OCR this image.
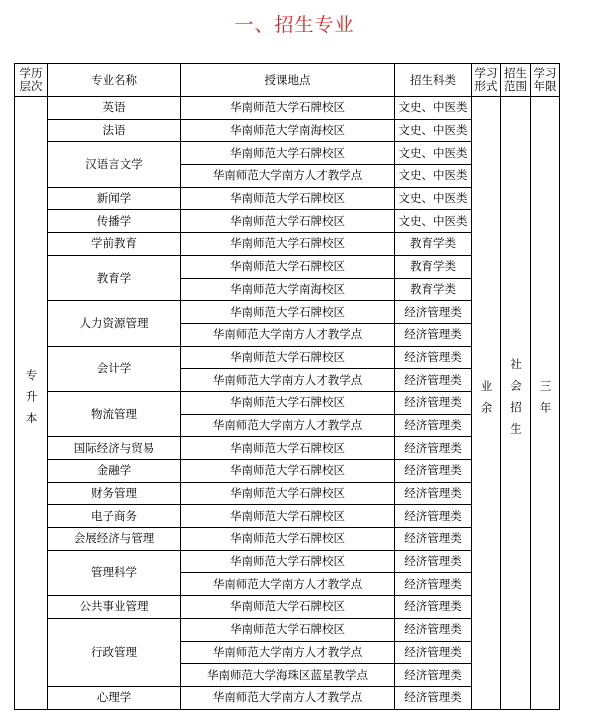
一、招生专业
学历层次	专业名称	授课地点	招生科类	学习形式	招生范围	学习年限
专升本	英语	华南师范大学石牌校区	文史、中医类	业余	社会招生	三年
	法语	华南师范大学南海校区	文史、中医类			
	汉语言文学	华南师范大学石牌校区	文史、中医类			
		华南师范大学南方人才教学点	文史、中医类			
	新闻学	华南师范大学石牌校区	文史、中医类			
	传播学	华南师范大学石牌校区	文史、中医类			
	学前教育	华南师范大学石牌校区	教育学类			
	教育学	华南师范大学石牌校区	教育学类			
		华南师范大学南海校区	教育学类			
	人力资源管理	华南师范大学石牌校区	经济管理类			
		华南师范大学南方人才教学点	经济管理类			
	会计学	华南师范大学石牌校区	经济管理类			
		华南师范大学南方人才教学点	经济管理类			
	物流管理	华南师范大学石牌校区	经济管理类			
		华南师范大学南方人才教学点	经济管理类			
	国际经济与贸易	华南师范大学石牌校区	经济管理类			
	金融学	华南师范大学石牌校区	经济管理类			
	财务管理	华南师范大学石牌校区	经济管理类			
	电子商务	华南师范大学石牌校区	经济管理类			
	会展经济与管理	华南师范大学石牌校区	经济管理类			
	管理科学	华南师范大学石牌校区	经济管理类			
		华南师范大学南方人才教学点	经济管理类			
	公共事业管理	华南师范大学石牌校区	经济管理类			
	行政管理	华南师范大学石牌校区	经济管理类			
		华南师范大学南方人才教学点	经济管理类			
		华南师范大学海珠区蓝星教学点	经济管理类			
	心理学	华南师范大学南方人才教学点	经济管理类			
